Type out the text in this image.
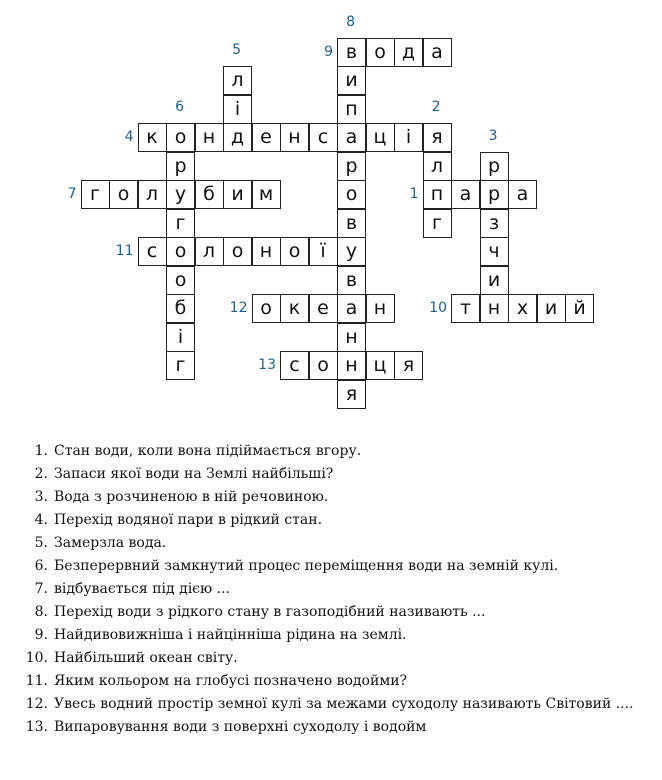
п а р а
я
л
г
р
з
ч
и
н
к о н д е н с а ц	і
л
і
р
у
г
о
о
б
і
г
г о л	б и м
в
и
п
р
о
в
у
в
а
н
н
я
о д а
т	х и й
с	л о н о	ї
о к е	н
с о	ц я
1
2
3
4
5
6
7
8
9
10
11
12
13
1. Стан води, коли вона підіймається вгору.
2. Запаси якої води на Землі найбільші?
3. Вода з розчиненою в ній речовиною.
4. Перехід водяної пари в рідкий стан.
5. Замерзла вода.
6. Безперервний замкнутий процес переміщення води на земній кулі.
7. відбувається під дією ...
8. Перехід води з рідкого стану в газоподібний називають ...
9. Найдивовижніша і найцінніша рідина на землі.
10. Найбільший океан світу.
11. Яким кольором на глобусі позначено водойми?
12. Увесь водний простір земної кулі за межами суходолу називають Світовий ....
13. Випаровування води з поверхні суходолу і водойм
